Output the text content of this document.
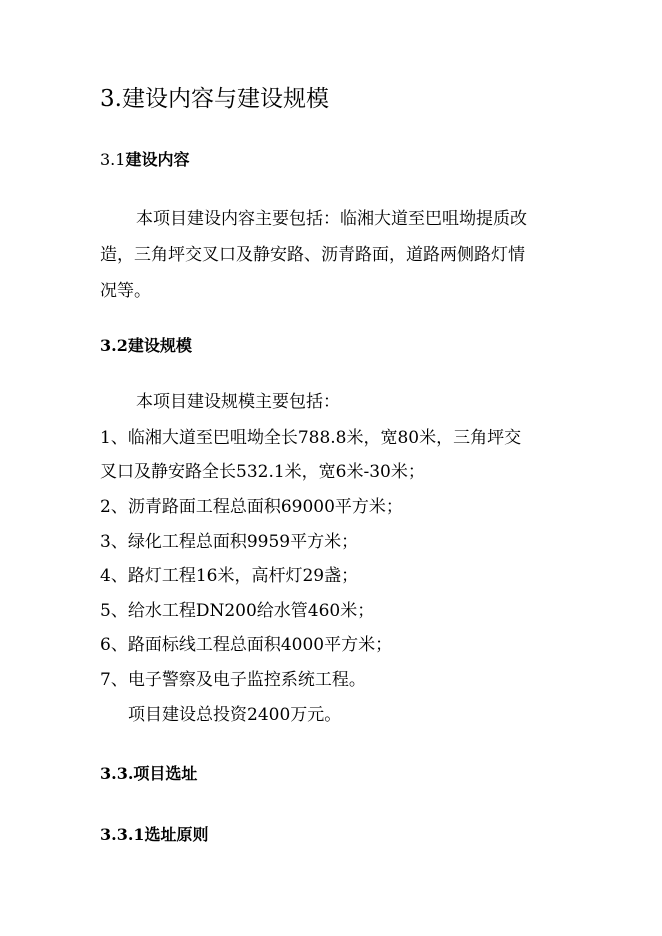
3.建设内容与建设规模
3.1建设内容
本项目建设内容主要包括：临湘大道至巴咀坳提质改
造，三角坪交叉口及静安路、沥青路面，道路两侧路灯情
况等。
3.2建设规模
本项目建设规模主要包括：
1、临湘大道至巴咀坳全长788.8米，宽80米，三角坪交
叉口及静安路全长532.1米，宽6米-30米；
2、沥青路面工程总面积69000平方米；
3、绿化工程总面积9959平方米；
4、路灯工程16米，高杆灯29盏；
5、给水工程DN200给水管460米；
6、路面标线工程总面积4000平方米；
7、电子警察及电子监控系统工程。
项目建设总投资2400万元。
3.3.项目选址
3.3.1选址原则
